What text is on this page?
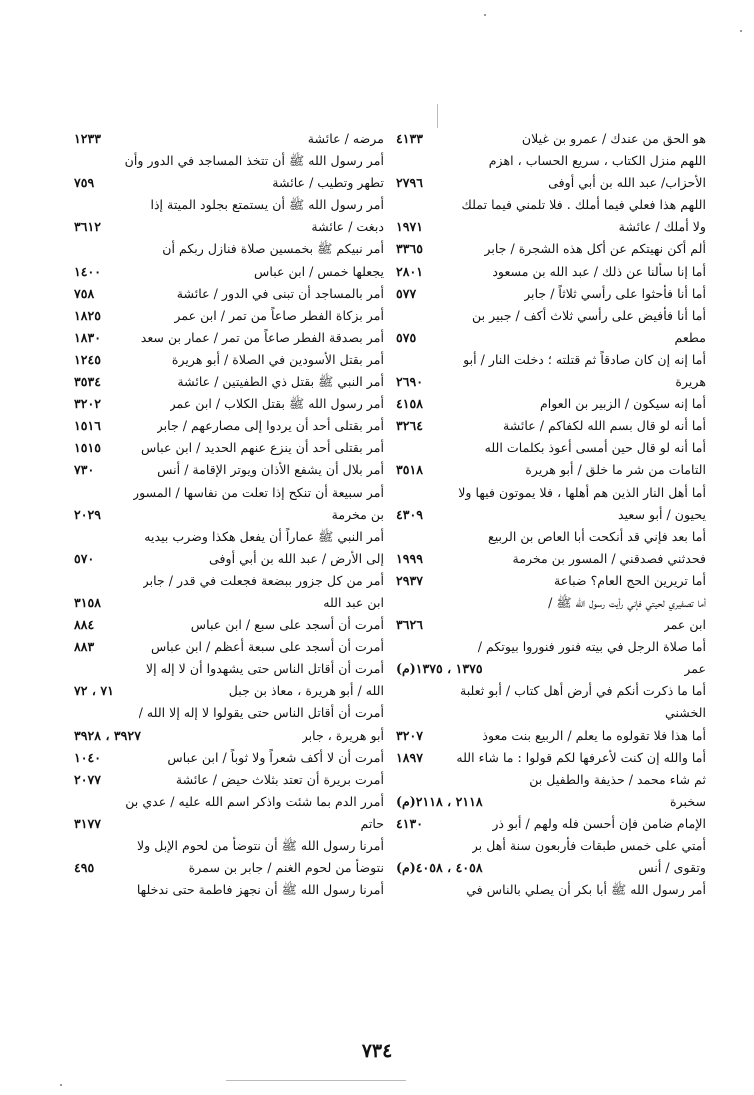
هو الحق من عندك / عمرو بن غيلان
٤١٣٣
اللهم منزل الكتاب ، سريع الحساب ، اهزم
الأحزاب/ عبد الله بن أبي أوفى
٢٧٩٦
اللهم هذا فعلي فيما أملك . فلا تلمني فيما تملك
ولا أملك / عائشة
١٩٧١
ألم أكن نهيتكم عن أكل هذه الشجرة / جابر
٣٣٦٥
أما إنا سألنا عن ذلك / عبد الله بن مسعود
٢٨٠١
أما أنا فأحثوا على رأسي ثلاثاً / جابر
٥٧٧
أما أنا فأفيض على رأسي ثلاث أكف / جبير بن
مطعم
٥٧٥
أما إنه إن كان صادقاً ثم قتلته ؛ دخلت النار / أبو
هريرة
٢٦٩٠
أما إنه سيكون / الزبير بن العوام
٤١٥٨
أما أنه لو قال بسم الله لكفاكم / عائشة
٣٢٦٤
أما أنه لو قال حين أمسى أعوذ بكلمات الله
التامات من شر ما خلق / أبو هريرة
٣٥١٨
أما أهل النار الذين هم أهلها ، فلا يموتون فيها ولا
يحيون / أبو سعيد
٤٣٠٩
أما بعد فإني قد أنكحت أبا العاص بن الربيع
فحدثني فصدقني / المسور بن مخرمة
١٩٩٩
أما تريرين الحج العام؟ ضباعة
٢٩٣٧
أما تصفيري لحيتي فإني رأيت رسول الله ﷺ /
ابن عمر
٣٦٢٦
أما صلاة الرجل في بيته فنور فنوروا بيوتكم /
عمر
١٣٧٥ ، ١٣٧٥(م)
أما ما ذكرت أنكم في أرض أهل كتاب / أبو ثعلبة
الخشني
أما هذا فلا تقولوه ما يعلم / الربيع بنت معوذ
٣٢٠٧
أما والله إن كنت لأعرفها لكم قولوا : ما شاء الله
١٨٩٧
ثم شاء محمد / حذيفة والطفيل بن
سخبرة
٢١١٨ ، ٢١١٨(م)
الإمام ضامن فإن أحسن فله ولهم / أبو ذر
٤١٣٠
أمتي على خمس طبقات فأربعون سنة أهل بر
وتقوى / أنس
٤٠٥٨ ، ٤٠٥٨(م)
أمر رسول الله ﷺ أبا بكر أن يصلي بالناس في
مرضه / عائشة
١٢٣٣
أمر رسول الله ﷺ أن تتخذ المساجد في الدور وأن
تطهر وتطيب / عائشة
٧٥٩
أمر رسول الله ﷺ أن يستمتع بجلود الميتة إذا
دبغت / عائشة
٣٦١٢
أمر نبيكم ﷺ بخمسين صلاة فنازل ربكم أن
يجعلها خمس / ابن عباس
١٤٠٠
أمر بالمساجد أن تبنى في الدور / عائشة
٧٥٨
أمر بزكاة الفطر صاعاً من تمر / ابن عمر
١٨٢٥
أمر بصدقة الفطر صاعاً من تمر / عمار بن سعد
١٨٣٠
أمر بقتل الأسودين في الصلاة / أبو هريرة
١٢٤٥
أمر النبي ﷺ بقتل ذي الطفيتين / عائشة
٣٥٣٤
أمر رسول الله ﷺ بقتل الكلاب / ابن عمر
٣٢٠٢
أمر بقتلى أحد أن يردوا إلى مصارعهم / جابر
١٥١٦
أمر بقتلى أحد أن ينزع عنهم الحديد / ابن عباس
١٥١٥
أمر بلال أن يشفع الأذان ويوتر الإقامة / أنس
٧٣٠
أمر سبيعة أن تنكح إذا تعلت من نفاسها / المسور
بن مخرمة
٢٠٢٩
أمر النبي ﷺ عماراً أن يفعل هكذا وضرب بيديه
إلى الأرض / عبد الله بن أبي أوفى
٥٧٠
أمر من كل جزور ببضعة فجعلت في قدر / جابر
ابن عبد الله
٣١٥٨
أمرت أن أسجد على سبع / ابن عباس
٨٨٤
أمرت أن أسجد على سبعة أعظم / ابن عباس
٨٨٣
أمرت أن أقاتل الناس حتى يشهدوا أن لا إله إلا
الله / أبو هريرة ، معاذ بن جبل
٧١ ، ٧٢
أمرت أن أقاتل الناس حتى يقولوا لا إله إلا الله /
أبو هريرة ، جابر
٣٩٢٧ ، ٣٩٢٨
أمرت أن لا أكف شعراً ولا ثوباً / ابن عباس
١٠٤٠
أمرت بريرة أن تعتد بثلاث حيض / عائشة
٢٠٧٧
أمرر الدم بما شئت واذكر اسم الله عليه / عدي بن
حاتم
٣١٧٧
أمرنا رسول الله ﷺ أن نتوضأ من لحوم الإبل ولا
نتوضأ من لحوم الغنم / جابر بن سمرة
٤٩٥
أمرنا رسول الله ﷺ أن نجهز فاطمة حتى ندخلها
٧٣٤
